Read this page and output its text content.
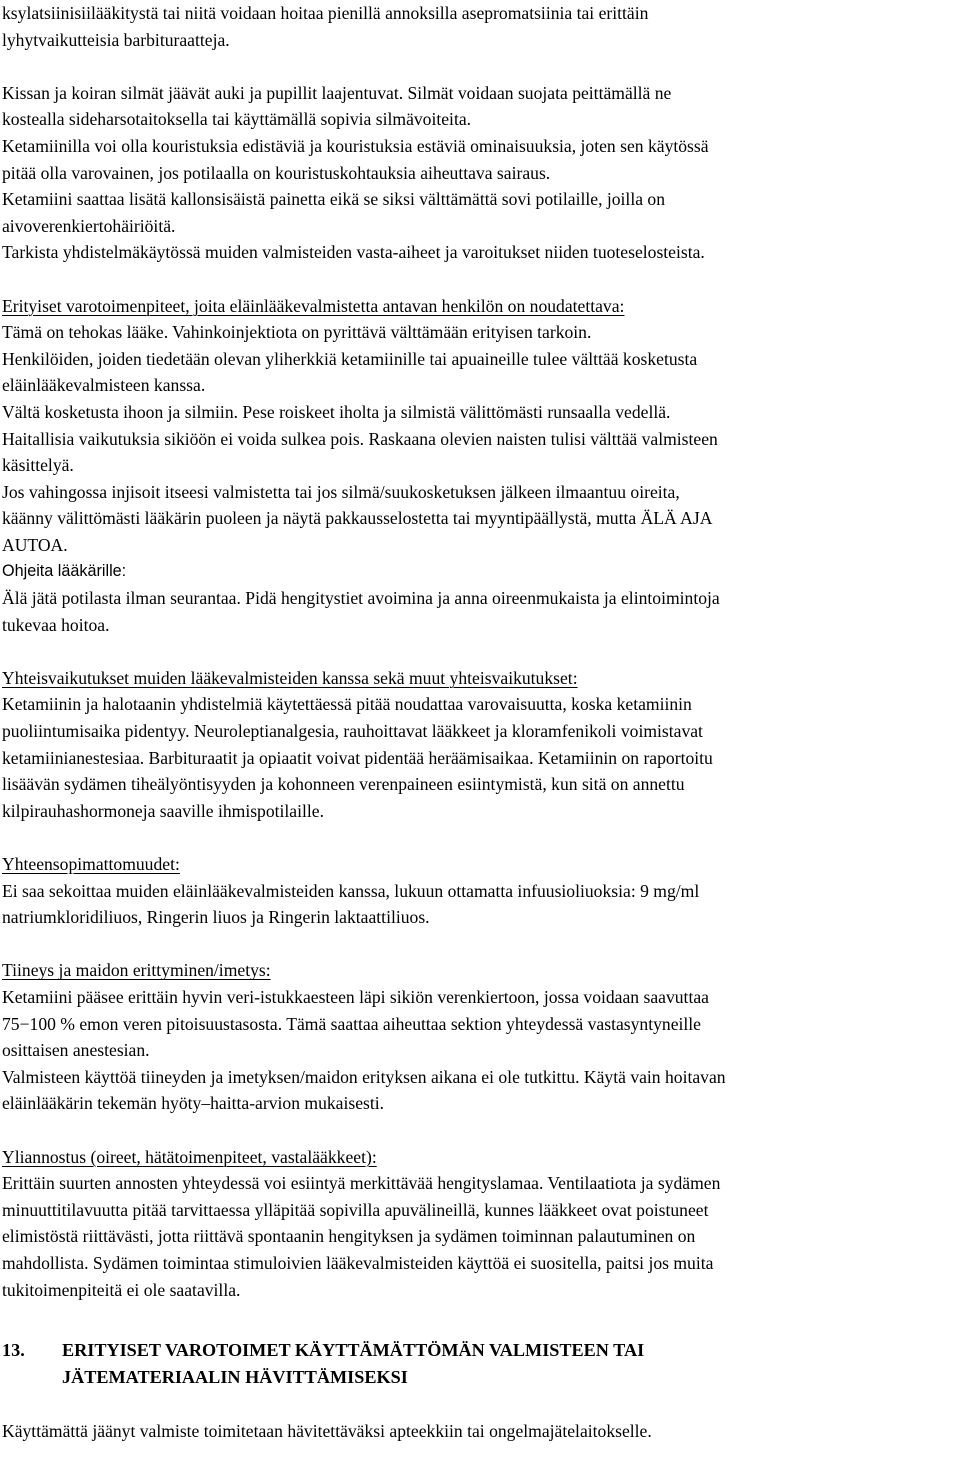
ksylatsiinisiilääkitystä tai niitä voidaan hoitaa pienillä annoksilla asepromatsiinia tai erittäin
lyhytvaikutteisia barbituraatteja.

Kissan ja koiran silmät jäävät auki ja pupillit laajentuvat. Silmät voidaan suojata peittämällä ne
kostealla sideharsotaitoksella tai käyttämällä sopivia silmävoiteita.

Ketamiinilla voi olla kouristuksia edistäviä ja kouristuksia estäviä ominaisuuksia, joten sen käytössä
pitää olla varovainen, jos potilaalla on kouristuskohtauksia aiheuttava sairaus.

Ketamiini saattaa lisätä kallonsisäistä painetta eikä se siksi välttämättä sovi potilaille, joilla on
aivoverenkiertohäiriöitä.

Tarkista yhdistelmäkäytössä muiden valmisteiden vasta-aiheet ja varoitukset niiden tuoteselosteista.

Erityiset varotoimenpiteet, joita eläinlääkevalmistetta antavan henkilön on noudatettava:

Tämä on tehokas lääke. Vahinkoinjektiota on pyrittävä välttämään erityisen tarkoin.

Henkilöiden, joiden tiedetään olevan yliherkkiä ketamiinille tai apuaineille tulee välttää kosketusta
eläinlääkevalmisteen kanssa.

Vältä kosketusta ihoon ja silmiin. Pese roiskeet iholta ja silmistä välittömästi runsaalla vedellä.

Haitallisia vaikutuksia sikiöön ei voida sulkea pois. Raskaana olevien naisten tulisi välttää valmisteen
käsittelyä.

Jos vahingossa injisoit itseesi valmistetta tai jos silmä/suukosketuksen jälkeen ilmaantuu oireita,
käänny välittömästi lääkärin puoleen ja näytä pakkausselostetta tai myyntipäällystä, mutta ÄLÄ AJA
AUTOA.

Ohjeita lääkärille:

Älä jätä potilasta ilman seurantaa. Pidä hengitystiet avoimina ja anna oireenmukaista ja elintoimintoja
tukevaa hoitoa.

Yhteisvaikutukset muiden lääkevalmisteiden kanssa sekä muut yhteisvaikutukset:

Ketamiinin ja halotaanin yhdistelmiä käytettäessä pitää noudattaa varovaisuutta, koska ketamiinin
puoliintumisaika pidentyy. Neuroleptianalgesia, rauhoittavat lääkkeet ja kloramfenikoli voimistavat
ketamiinianestesiaa. Barbituraatit ja opiaatit voivat pidentää heräämisaikaa. Ketamiinin on raportoitu
lisäävän sydämen tiheälyöntisyyden ja kohonneen verenpaineen esiintymistä, kun sitä on annettu
kilpirauhashormoneja saaville ihmispotilaille.

Yhteensopimattomuudet:

Ei saa sekoittaa muiden eläinlääkevalmisteiden kanssa, lukuun ottamatta infuusioliuoksia: 9 mg/ml
natriumkloridiliuos, Ringerin liuos ja Ringerin laktaattiliuos.

Tiineys ja maidon erittyminen/imetys:

Ketamiini pääsee erittäin hyvin veri-istukkaesteen läpi sikiön verenkiertoon, jossa voidaan saavuttaa
75−100 % emon veren pitoisuustasosta. Tämä saattaa aiheuttaa sektion yhteydessä vastasyntyneille
osittaisen anestesian.

Valmisteen käyttöä tiineyden ja imetyksen/maidon erityksen aikana ei ole tutkittu. Käytä vain hoitavan
eläinlääkärin tekemän hyöty–haitta-arvion mukaisesti.

Yliannostus (oireet, hätätoimenpiteet, vastalääkkeet):

Erittäin suurten annosten yhteydessä voi esiintyä merkittävää hengityslamaa. Ventilaatiota ja sydämen
minuuttitilavuutta pitää tarvittaessa ylläpitää sopivilla apuvälineillä, kunnes lääkkeet ovat poistuneet
elimistöstä riittävästi, jotta riittävä spontaanin hengityksen ja sydämen toiminnan palautuminen on
mahdollista. Sydämen toimintaa stimuloivien lääkevalmisteiden käyttöä ei suositella, paitsi jos muita
tukitoimenpiteitä ei ole saatavilla.

13.	ERITYISET VAROTOIMET KÄYTTÄMÄTTÖMÄN VALMISTEEN TAI
JÄTEMATERIAALIN HÄVITTÄMISEKSI

Käyttämättä jäänyt valmiste toimitetaan hävitettäväksi apteekkiin tai ongelmajätelaitokselle.
